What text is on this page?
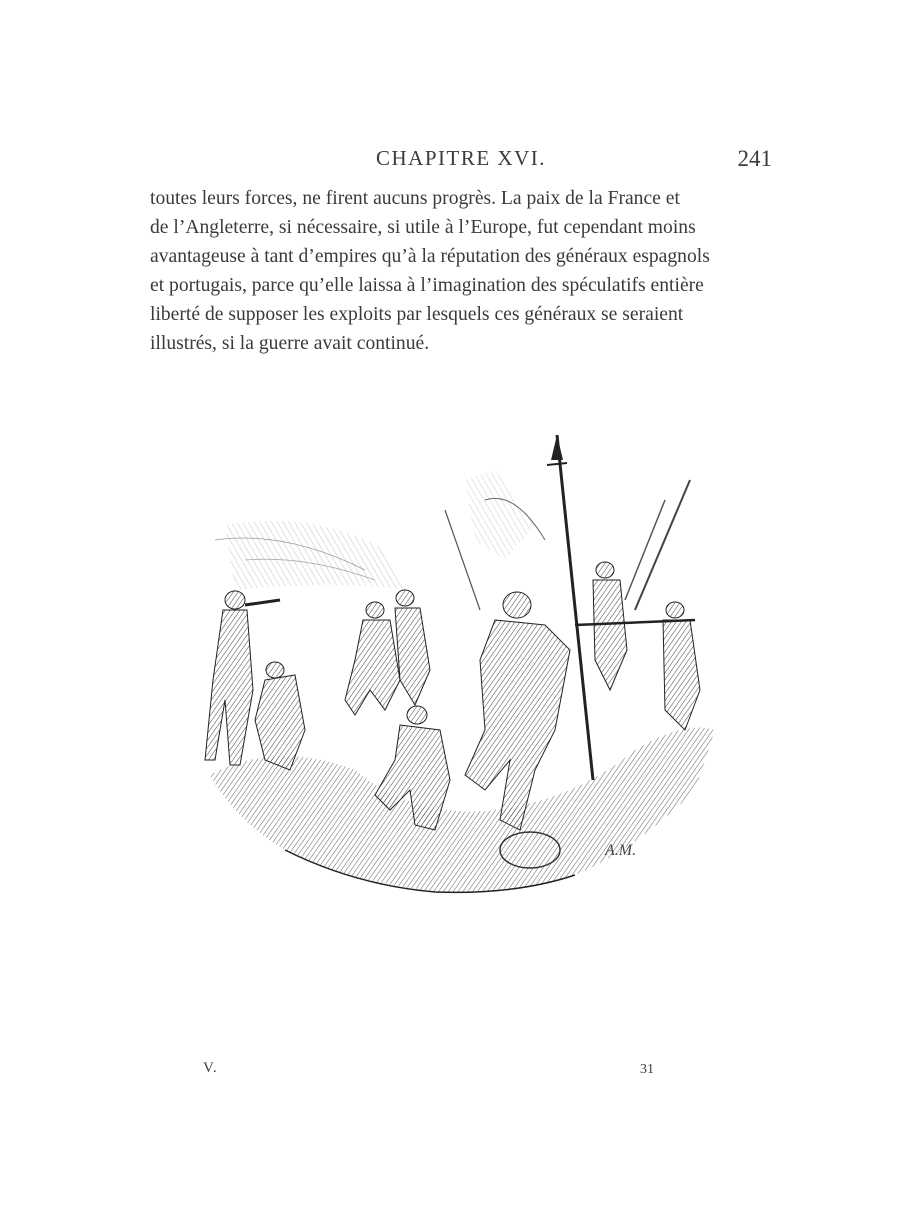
CHAPITRE XVI.	241

toutes leurs forces, ne firent aucuns progrès. La paix de la France et
de l’Angleterre, si nécessaire, si utile à l’Europe, fut cependant moins
avantageuse à tant d’empires qu’à la réputation des généraux espagnols
et portugais, parce qu’elle laissa à l’imagination des spéculatifs entière
liberté de supposer les exploits par lesquels ces généraux se seraient
illustrés, si la guerre avait continué.

A.M.
V.	31
